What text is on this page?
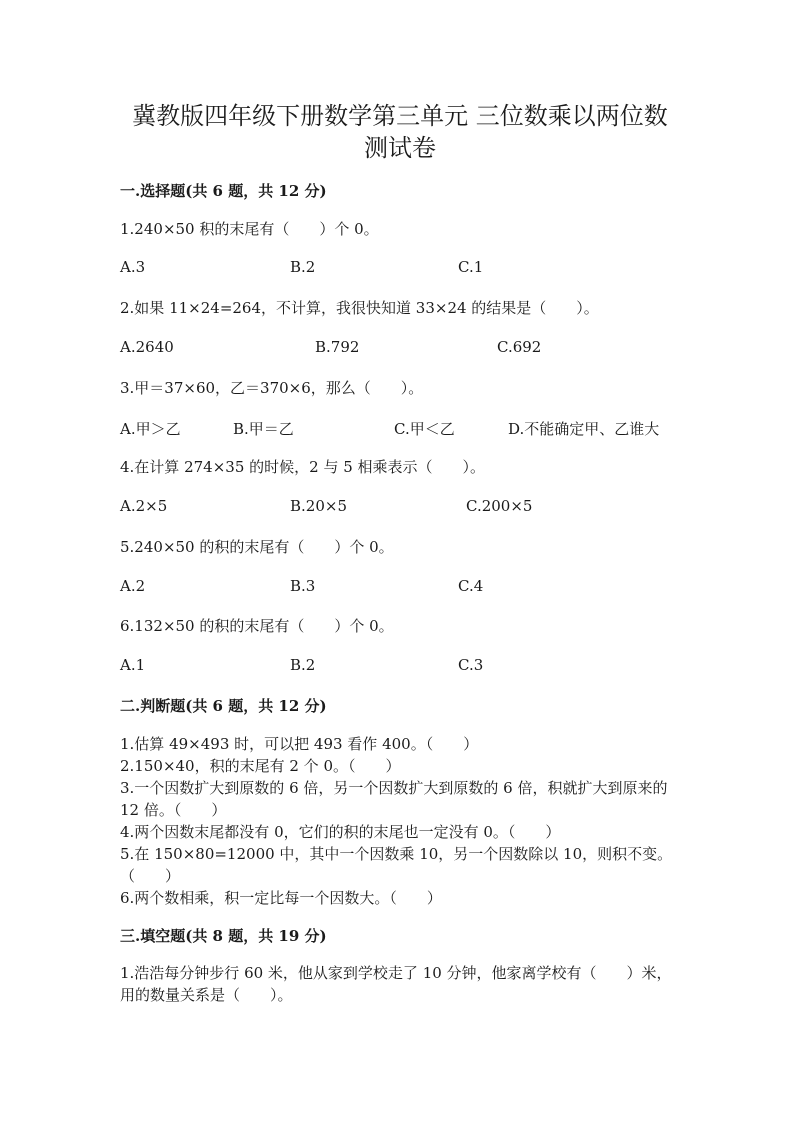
冀教版四年级下册数学第三单元 三位数乘以两位数
测试卷

一.选择题(共 6 题，共 12 分)

1.240×50 积的末尾有（　　）个 0。

A.3	B.2	C.1

2.如果 11×24=264，不计算，我很快知道 33×24 的结果是（　　）。

A.2640	B.792	C.692

3.甲＝37×60，乙＝370×6，那么（　　）。

A.甲＞乙	B.甲＝乙	C.甲＜乙	D.不能确定甲、乙谁大

4.在计算 274×35 的时候，2 与 5 相乘表示（　　）。

A.2×5	B.20×5	C.200×5

5.240×50 的积的末尾有（　　）个 0。

A.2	B.3	C.4

6.132×50 的积的末尾有（　　）个 0。

A.1	B.2	C.3

二.判断题(共 6 题，共 12 分)

1.估算 49×493 时，可以把 493 看作 400。（　　）

2.150×40，积的末尾有 2 个 0。（　　）

3.一个因数扩大到原数的 6 倍，另一个因数扩大到原数的 6 倍，积就扩大到原来的 12 倍。（　　）

4.两个因数末尾都没有 0，它们的积的末尾也一定没有 0。（　　）

5.在 150×80=12000 中，其中一个因数乘 10，另一个因数除以 10，则积不变。（　　）

6.两个数相乘，积一定比每一个因数大。（　　）

三.填空题(共 8 题，共 19 分)

1.浩浩每分钟步行 60 米，他从家到学校走了 10 分钟，他家离学校有（　　）米，用的数量关系是（　　）。
